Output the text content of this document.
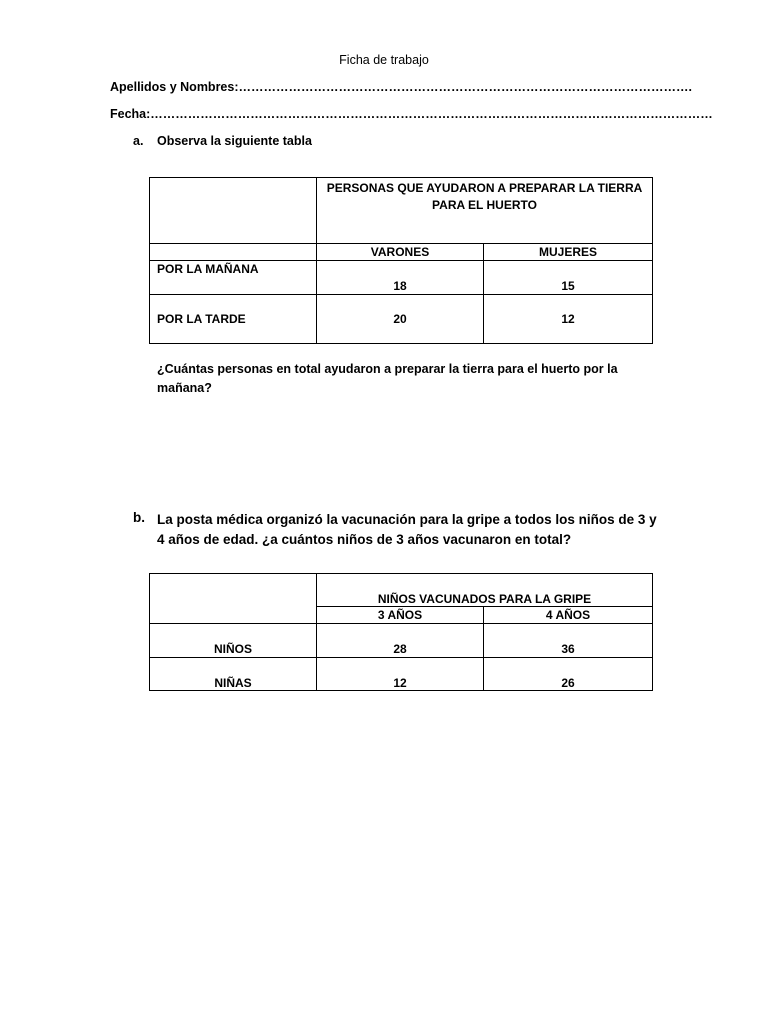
Ficha de trabajo
Apellidos y Nombres:……………………………………………………………………………………………….
Fecha:………………………………………………………………………………………………………………………
a. Observa la siguiente tabla
	PERSONAS QUE AYUDARON A PREPARAR LA TIERRA PARA EL HUERTO	
	VARONES	MUJERES
POR LA MAÑANA	18	15
POR LA TARDE	20	12
¿Cuántas personas en total ayudaron a preparar la tierra para el huerto por la mañana?
b. La posta médica organizó la vacunación para la gripe a todos los niños de 3 y 4 años de edad. ¿a cuántos niños de 3 años vacunaron en total?
	NIÑOS VACUNADOS PARA LA GRIPE	
	3 AÑOS	4 AÑOS
NIÑOS	28	36
NIÑAS	12	26
